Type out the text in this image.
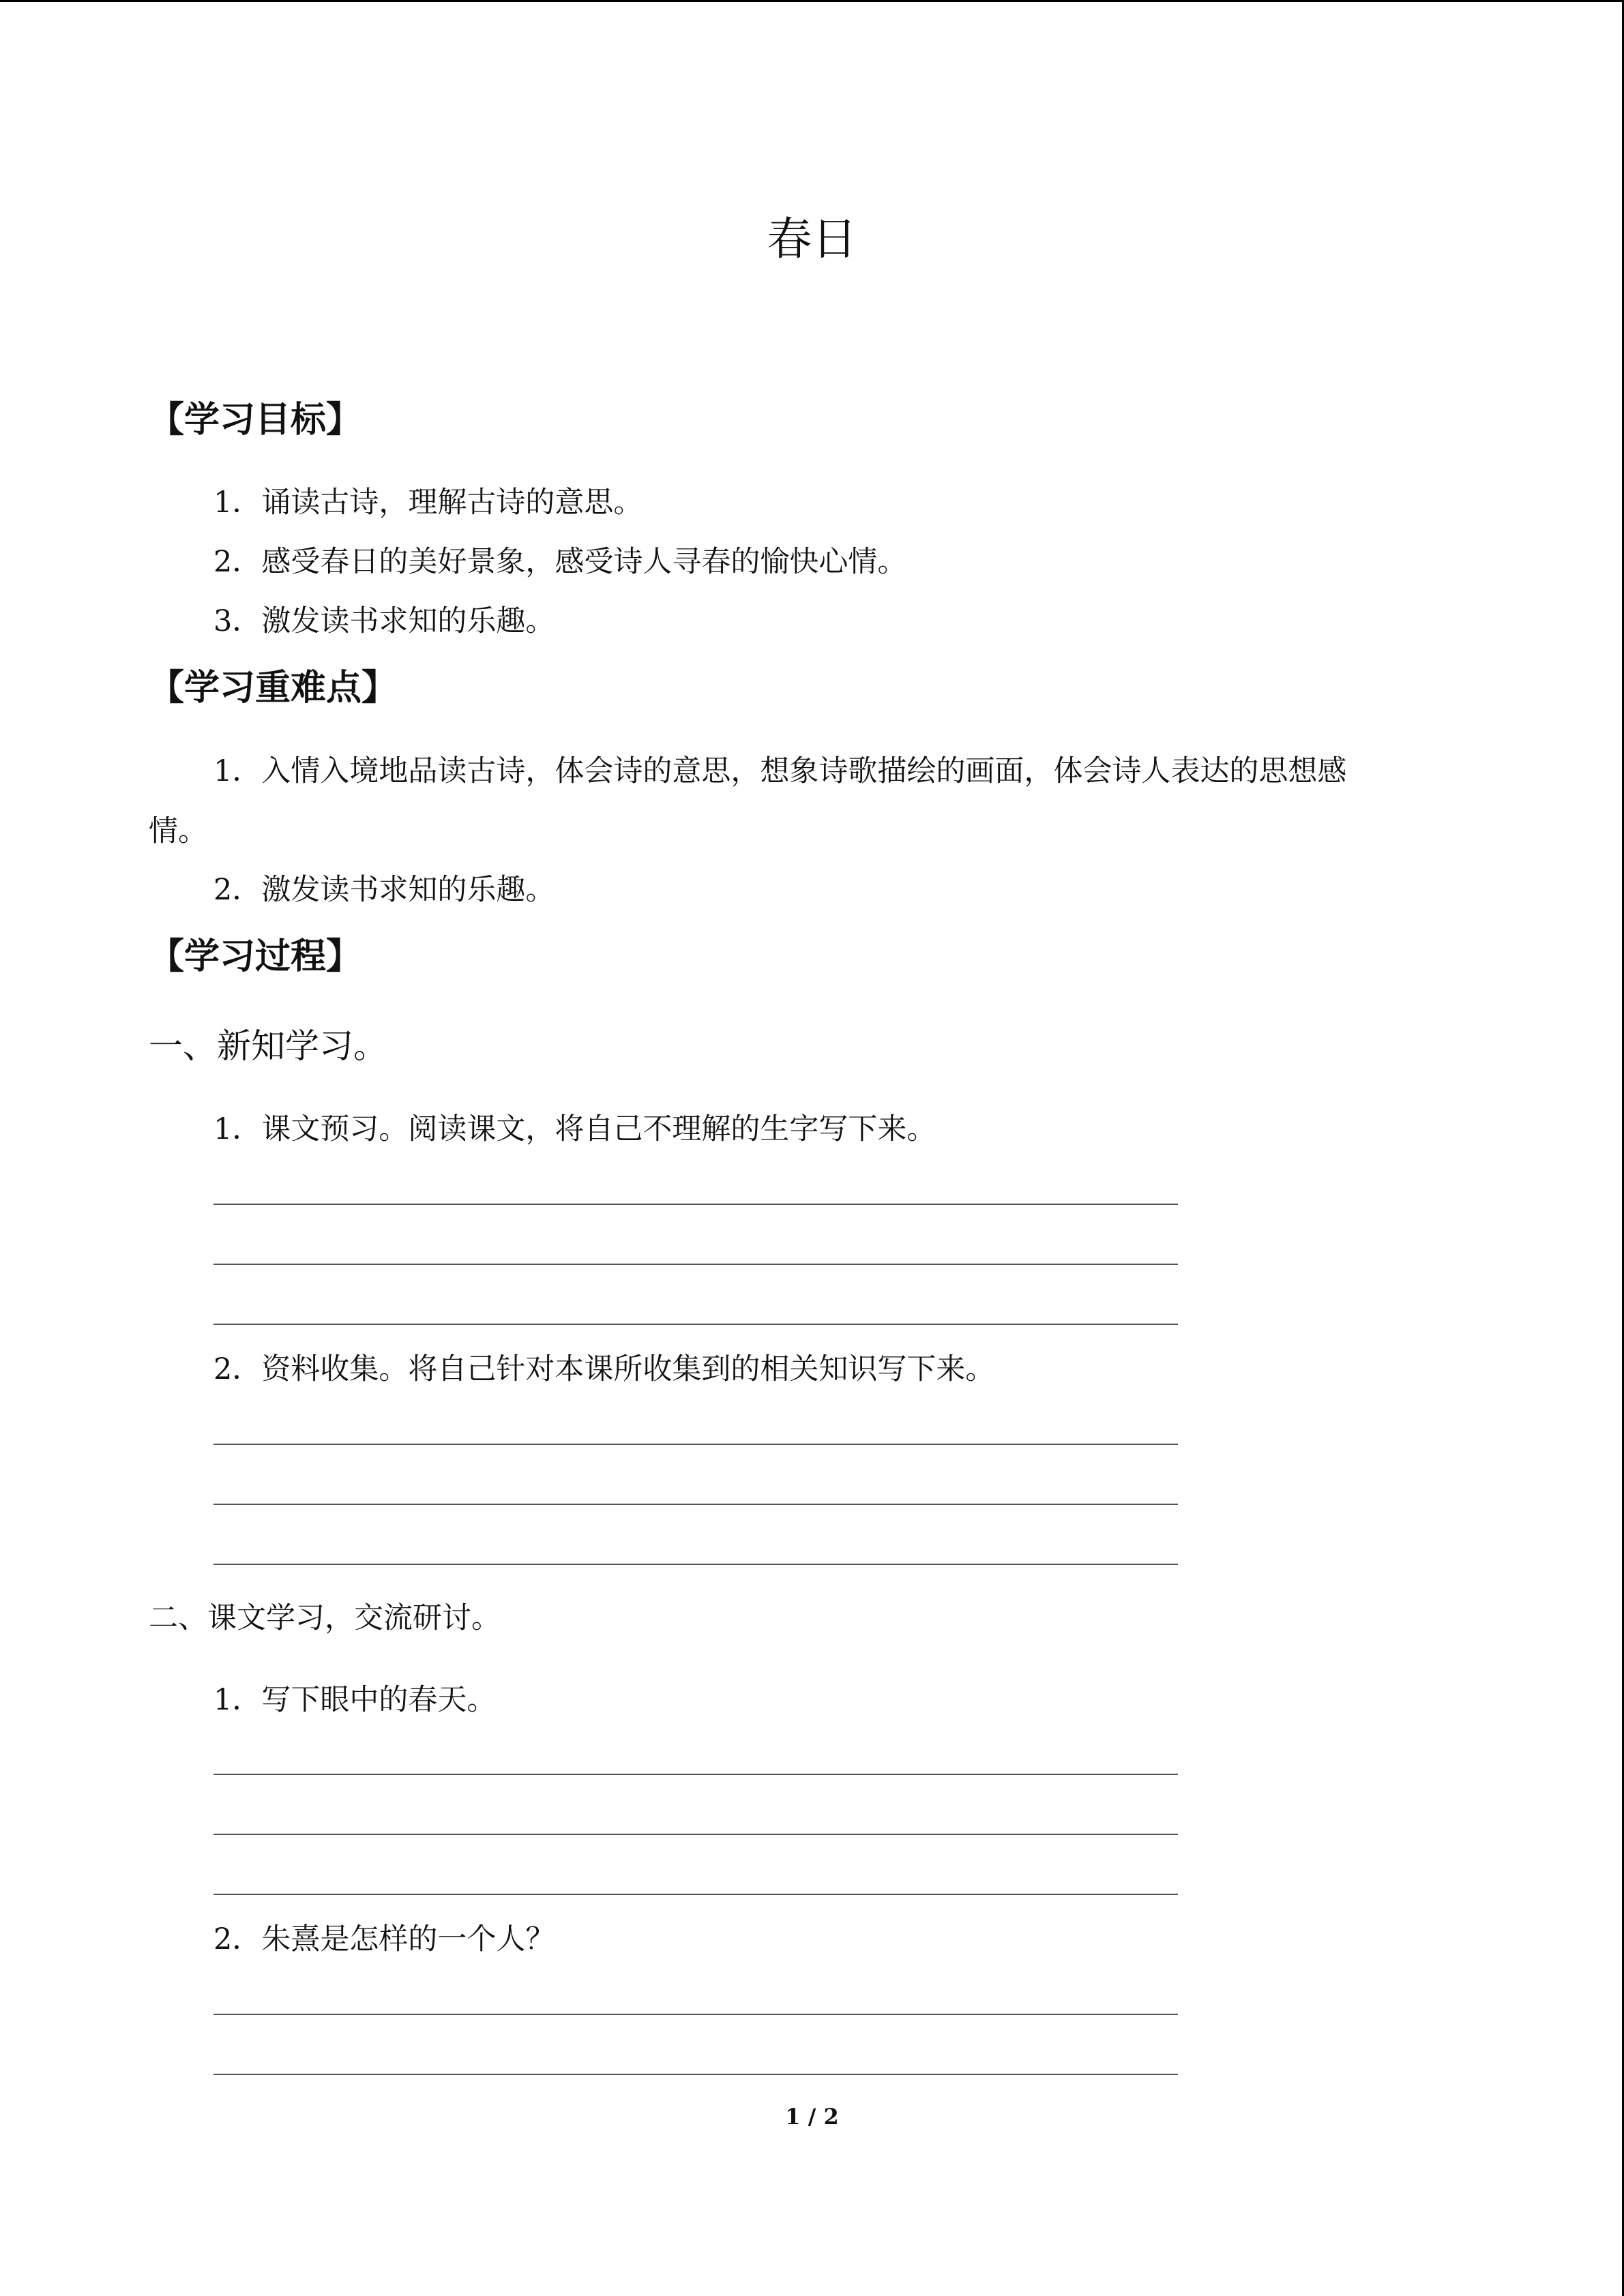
春日
【学习目标】
1．诵读古诗，理解古诗的意思。
2．感受春日的美好景象，感受诗人寻春的愉快心情。
3．激发读书求知的乐趣。
【学习重难点】
1．入情入境地品读古诗，体会诗的意思，想象诗歌描绘的画面，体会诗人表达的思想感
情。
2．激发读书求知的乐趣。
【学习过程】
一、新知学习。
1．课文预习。阅读课文，将自己不理解的生字写下来。
2．资料收集。将自己针对本课所收集到的相关知识写下来。
二、课文学习，交流研讨。
1．写下眼中的春天。
2．朱熹是怎样的一个人？
1 / 2
